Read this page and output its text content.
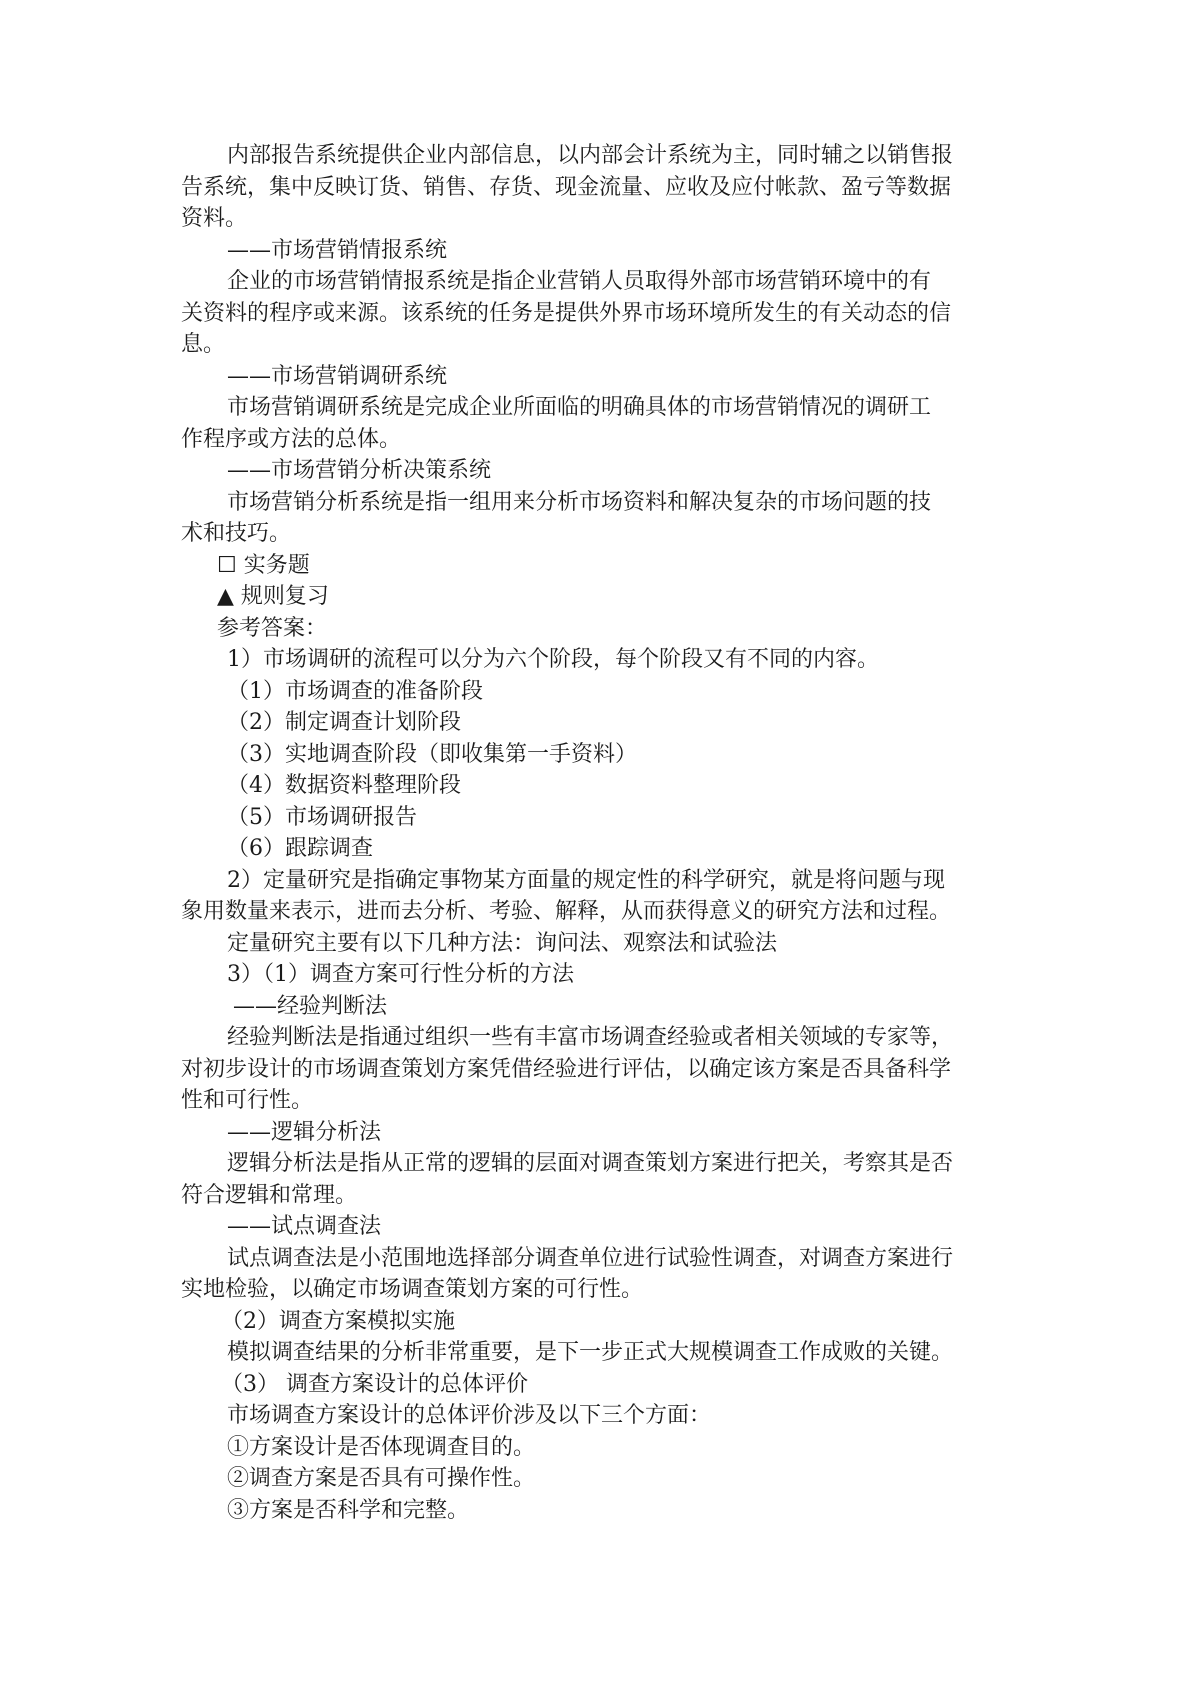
内部报告系统提供企业内部信息，以内部会计系统为主，同时辅之以销售报
告系统，集中反映订货、销售、存货、现金流量、应收及应付帐款、盈亏等数据
资料。
——市场营销情报系统
企业的市场营销情报系统是指企业营销人员取得外部市场营销环境中的有
关资料的程序或来源。该系统的任务是提供外界市场环境所发生的有关动态的信
息。
——市场营销调研系统
市场营销调研系统是完成企业所面临的明确具体的市场营销情况的调研工
作程序或方法的总体。
——市场营销分析决策系统
市场营销分析系统是指一组用来分析市场资料和解决复杂的市场问题的技
术和技巧。
☐ 实务题
▲ 规则复习
参考答案：
1）市场调研的流程可以分为六个阶段，每个阶段又有不同的内容。
（1）市场调查的准备阶段
（2）制定调查计划阶段
（3）实地调查阶段（即收集第一手资料）
（4）数据资料整理阶段
（5）市场调研报告
（6）跟踪调查
2）定量研究是指确定事物某方面量的规定性的科学研究，就是将问题与现
象用数量来表示，进而去分析、考验、解释，从而获得意义的研究方法和过程。
定量研究主要有以下几种方法：询问法、观察法和试验法
3）（1）调查方案可行性分析的方法
——经验判断法
经验判断法是指通过组织一些有丰富市场调查经验或者相关领域的专家等，
对初步设计的市场调查策划方案凭借经验进行评估，以确定该方案是否具备科学
性和可行性。
——逻辑分析法
逻辑分析法是指从正常的逻辑的层面对调查策划方案进行把关，考察其是否
符合逻辑和常理。
——试点调查法
试点调查法是小范围地选择部分调查单位进行试验性调查，对调查方案进行
实地检验，以确定市场调查策划方案的可行性。
（2）调查方案模拟实施
模拟调查结果的分析非常重要，是下一步正式大规模调查工作成败的关键。
（3） 调查方案设计的总体评价
市场调查方案设计的总体评价涉及以下三个方面：
①方案设计是否体现调查目的。
②调查方案是否具有可操作性。
③方案是否科学和完整。
